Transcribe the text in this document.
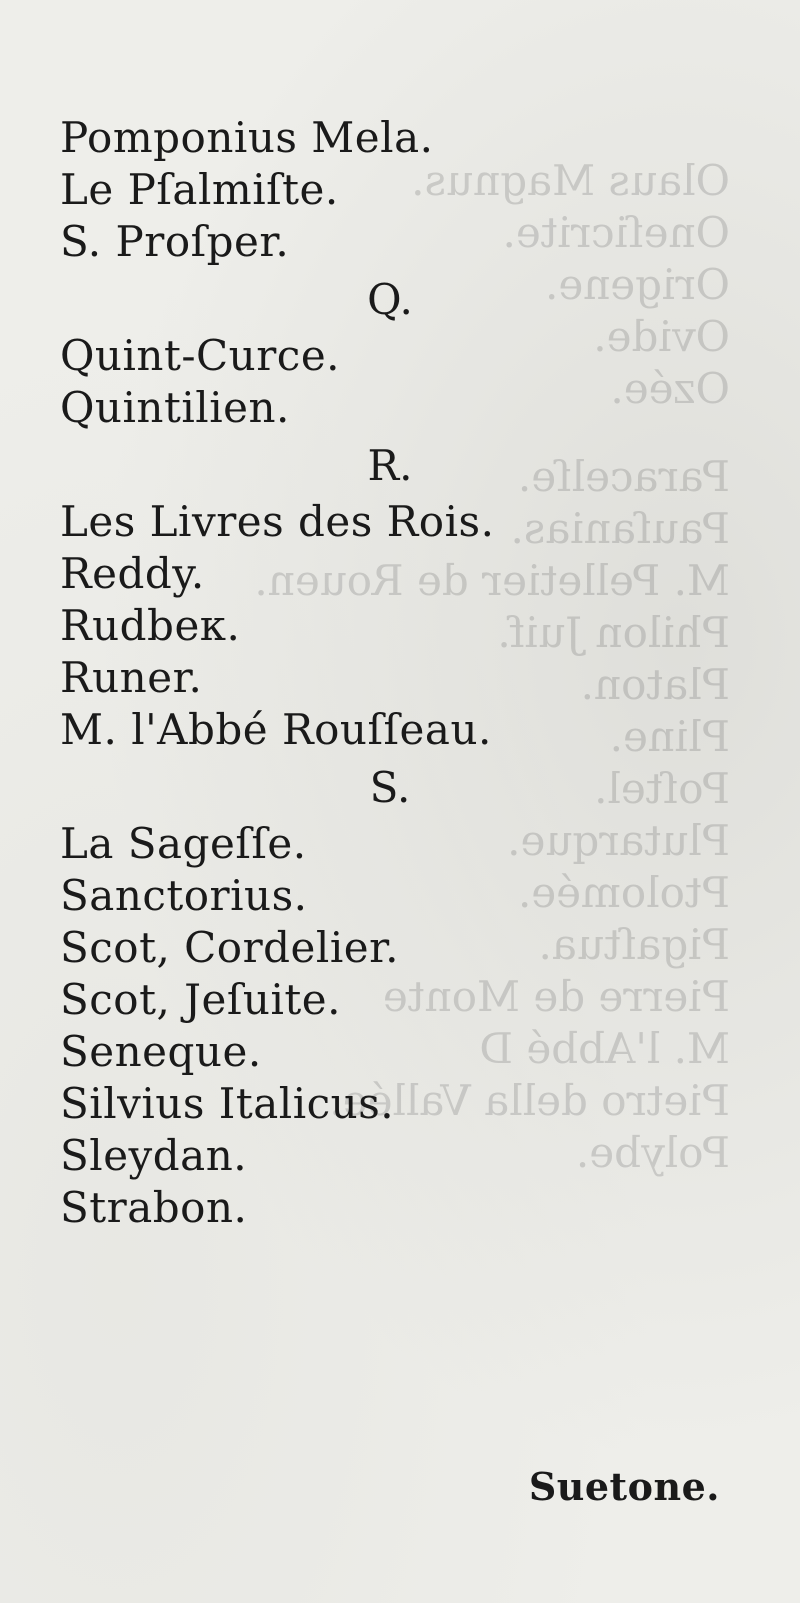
Olaus Magnus.
Oneſicrite.
Origene.
Ovide.
Ozée.
Paracelſe.
Pauſanias.
M. Pelletier de Rouen.
Philon Juif.
Platon.
Pline.
Poſtel.
Plutarque.
Ptolomée.
Pigaſtua.
Pierre de Monte
M. l'Abbé D
Pietro della Vallée.
Polybe.
Pomponius Mela.
Le Pſalmiſte.
S. Proſper.
Q.
Quint-Curce.
Quintilien.
R.
Les Livres des Rois.
Reddy.
Rudbeк.
Runer.
M. l'Abbé Rouſſeau.
S.
La Sageſſe.
Sanctorius.
Scot, Cordelier.
Scot, Jeſuite.
Seneque.
Silvius Italicus.
Sleydan.
Strabon.
Suetone.
